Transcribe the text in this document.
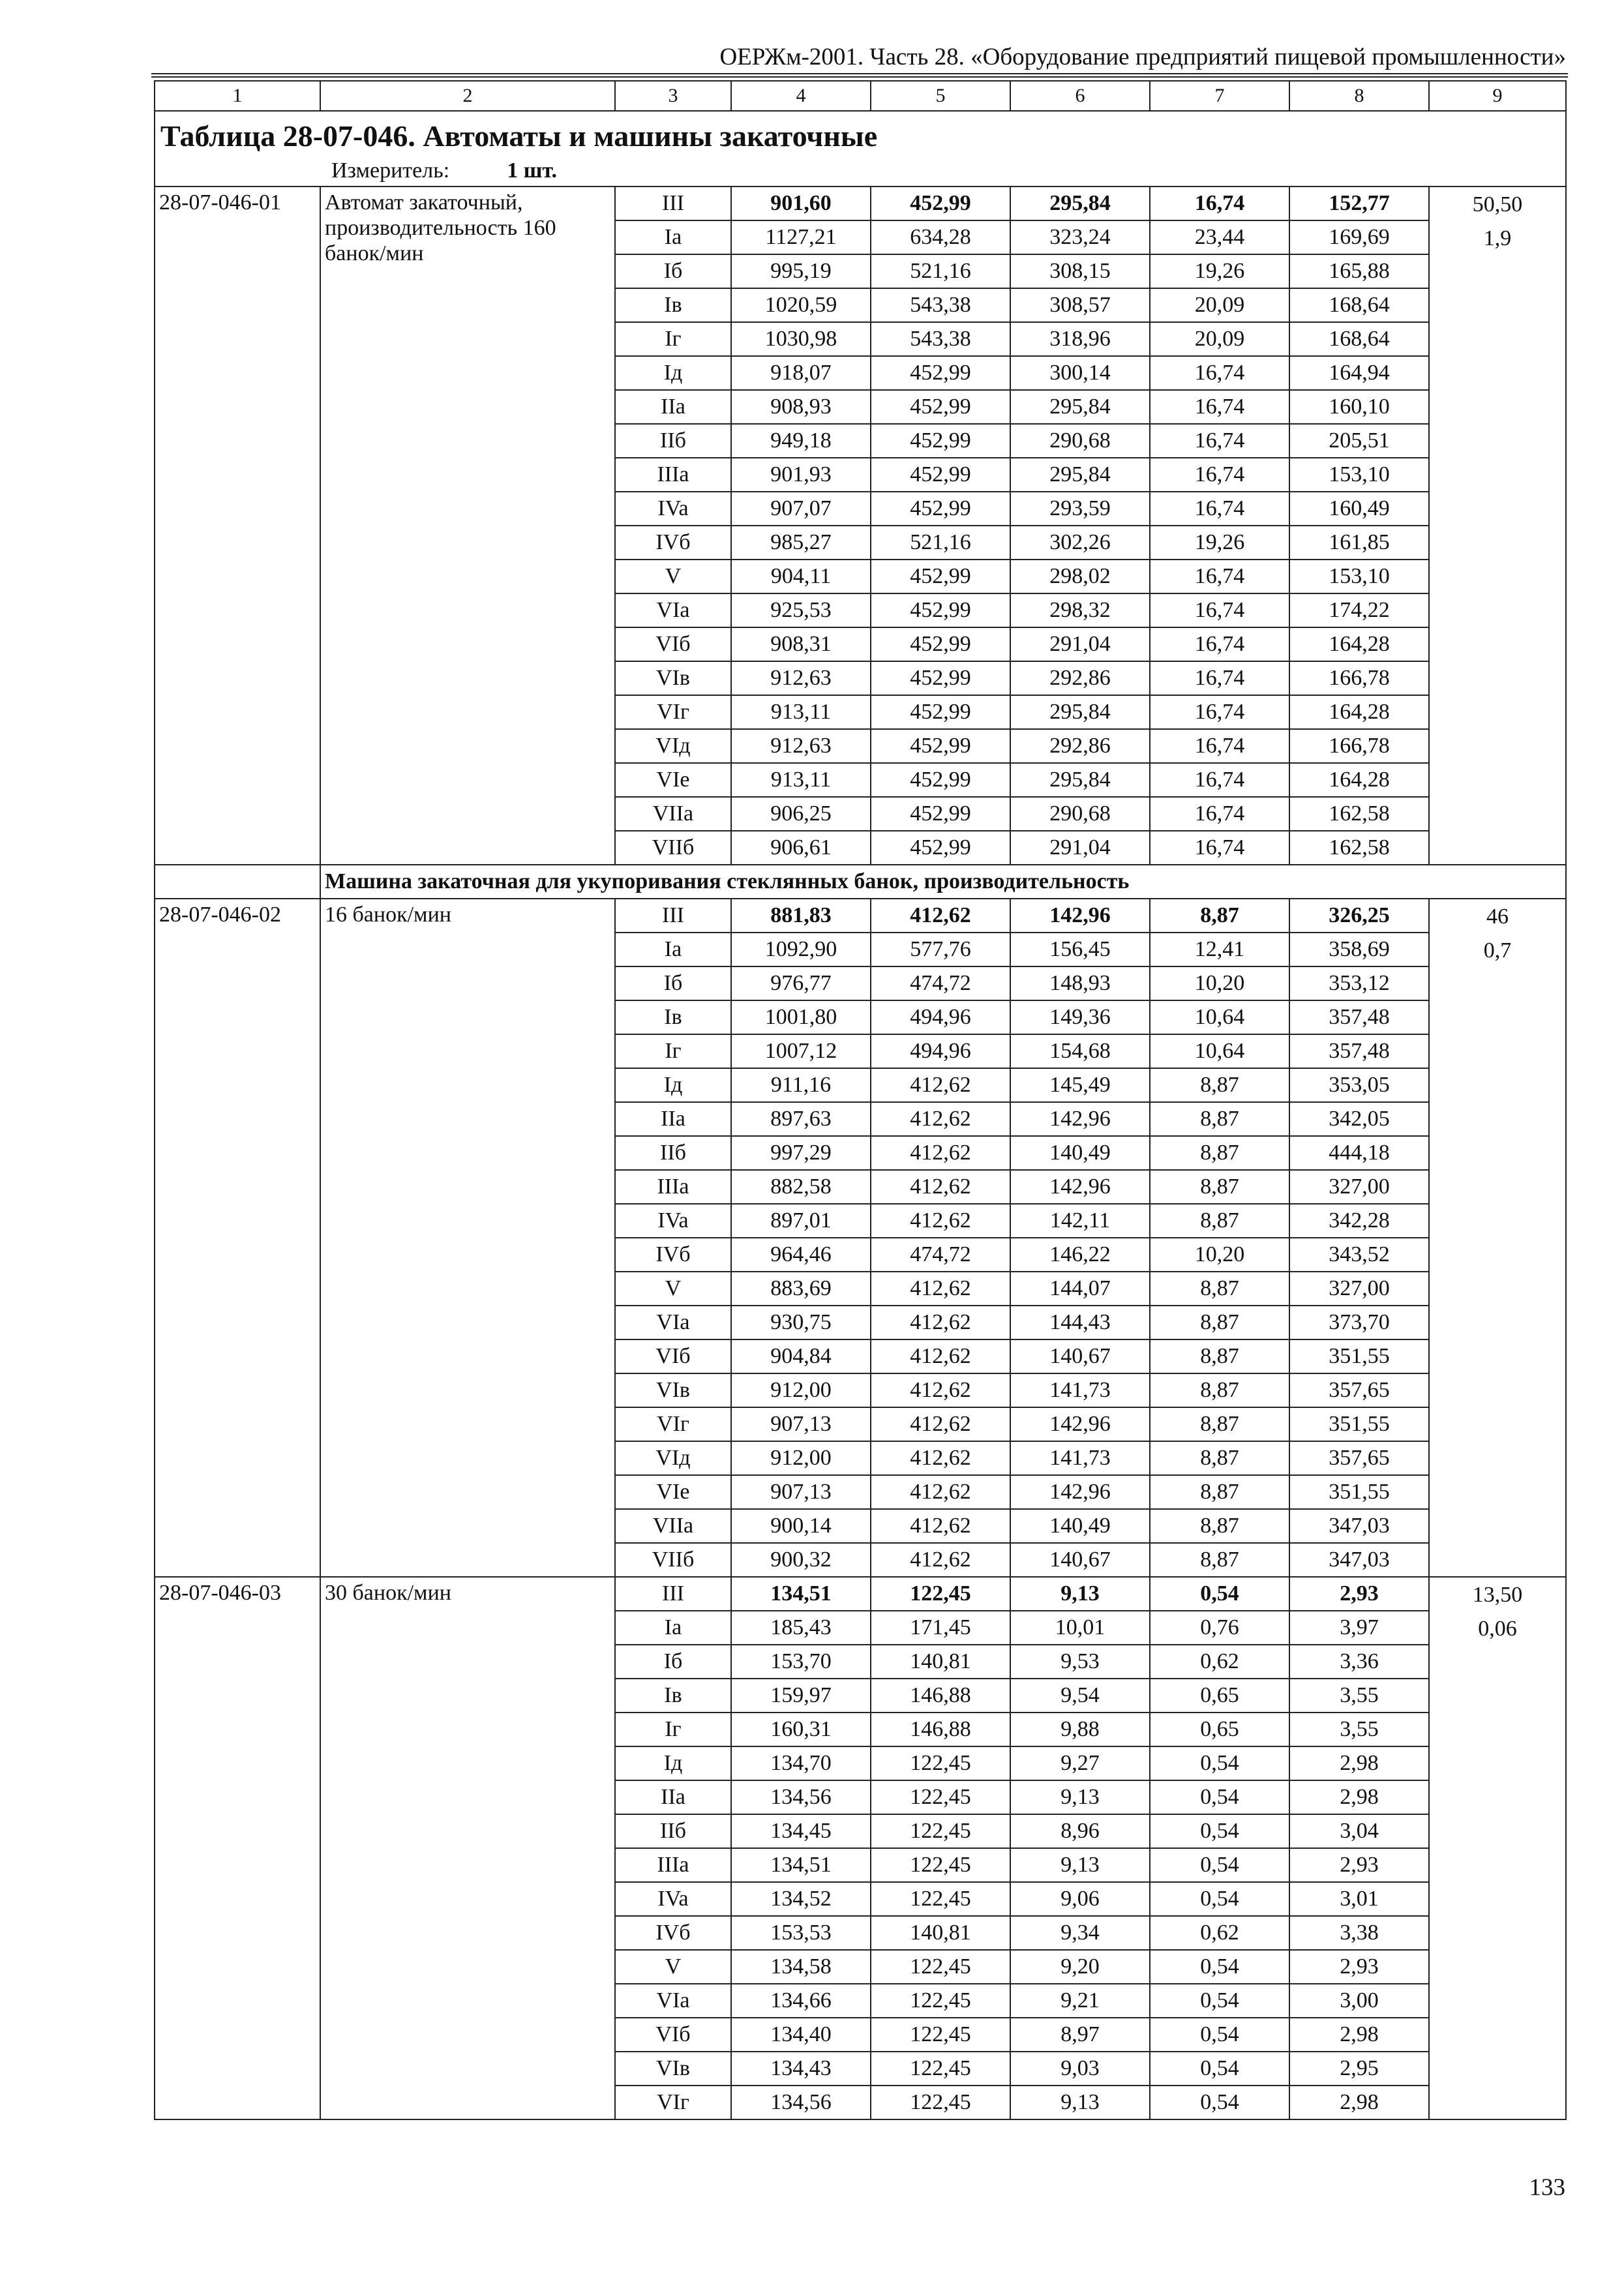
ОЕРЖм-2001. Часть 28. «Оборудование предприятий пищевой промышленности»
1	2	3	4	5	6	7	8	9

Таблица 28-07-046. Автоматы и машины закаточные
Измеритель: 1 шт.								

28-07-046-01	Автомат закаточный, производительность 160 банок/мин	III	901,60	452,99	295,84	16,74	152,77	50,50
1,9

		Ia	1127,21	634,28	323,24	23,44	169,69	
		Iб	995,19	521,16	308,15	19,26	165,88	
		Iв	1020,59	543,38	308,57	20,09	168,64	
		Iг	1030,98	543,38	318,96	20,09	168,64	
		Iд	918,07	452,99	300,14	16,74	164,94	
		IIa	908,93	452,99	295,84	16,74	160,10	
		IIб	949,18	452,99	290,68	16,74	205,51	
		IIIa	901,93	452,99	295,84	16,74	153,10	
		IVa	907,07	452,99	293,59	16,74	160,49	
		IVб	985,27	521,16	302,26	19,26	161,85	
		V	904,11	452,99	298,02	16,74	153,10	
		VIa	925,53	452,99	298,32	16,74	174,22	
		VIб	908,31	452,99	291,04	16,74	164,28	
		VIв	912,63	452,99	292,86	16,74	166,78	
		VIг	913,11	452,99	295,84	16,74	164,28	
		VIд	912,63	452,99	292,86	16,74	166,78	
		VIe	913,11	452,99	295,84	16,74	164,28	
		VIIa	906,25	452,99	290,68	16,74	162,58	
		VIIб	906,61	452,99	291,04	16,74	162,58	
	Машина закаточная для укупоривания стеклянных банок, производительность							
28-07-046-02	16 банок/мин	III	881,83	412,62	142,96	8,87	326,25	46
0,7

		Ia	1092,90	577,76	156,45	12,41	358,69	
		Iб	976,77	474,72	148,93	10,20	353,12	
		Iв	1001,80	494,96	149,36	10,64	357,48	
		Iг	1007,12	494,96	154,68	10,64	357,48	
		Iд	911,16	412,62	145,49	8,87	353,05	
		IIa	897,63	412,62	142,96	8,87	342,05	
		IIб	997,29	412,62	140,49	8,87	444,18	
		IIIa	882,58	412,62	142,96	8,87	327,00	
		IVa	897,01	412,62	142,11	8,87	342,28	
		IVб	964,46	474,72	146,22	10,20	343,52	
		V	883,69	412,62	144,07	8,87	327,00	
		VIa	930,75	412,62	144,43	8,87	373,70	
		VIб	904,84	412,62	140,67	8,87	351,55	
		VIв	912,00	412,62	141,73	8,87	357,65	
		VIг	907,13	412,62	142,96	8,87	351,55	
		VIд	912,00	412,62	141,73	8,87	357,65	
		VIe	907,13	412,62	142,96	8,87	351,55	
		VIIa	900,14	412,62	140,49	8,87	347,03	
		VIIб	900,32	412,62	140,67	8,87	347,03	
28-07-046-03	30 банок/мин	III	134,51	122,45	9,13	0,54	2,93	13,50
0,06

		Ia	185,43	171,45	10,01	0,76	3,97	
		Iб	153,70	140,81	9,53	0,62	3,36	
		Iв	159,97	146,88	9,54	0,65	3,55	
		Iг	160,31	146,88	9,88	0,65	3,55	
		Iд	134,70	122,45	9,27	0,54	2,98	
		IIa	134,56	122,45	9,13	0,54	2,98	
		IIб	134,45	122,45	8,96	0,54	3,04	
		IIIa	134,51	122,45	9,13	0,54	2,93	
		IVa	134,52	122,45	9,06	0,54	3,01	
		IVб	153,53	140,81	9,34	0,62	3,38	
		V	134,58	122,45	9,20	0,54	2,93	
		VIa	134,66	122,45	9,21	0,54	3,00	
		VIб	134,40	122,45	8,97	0,54	2,98	
		VIв	134,43	122,45	9,03	0,54	2,95	
		VIг	134,56	122,45	9,13	0,54	2,98	
133
